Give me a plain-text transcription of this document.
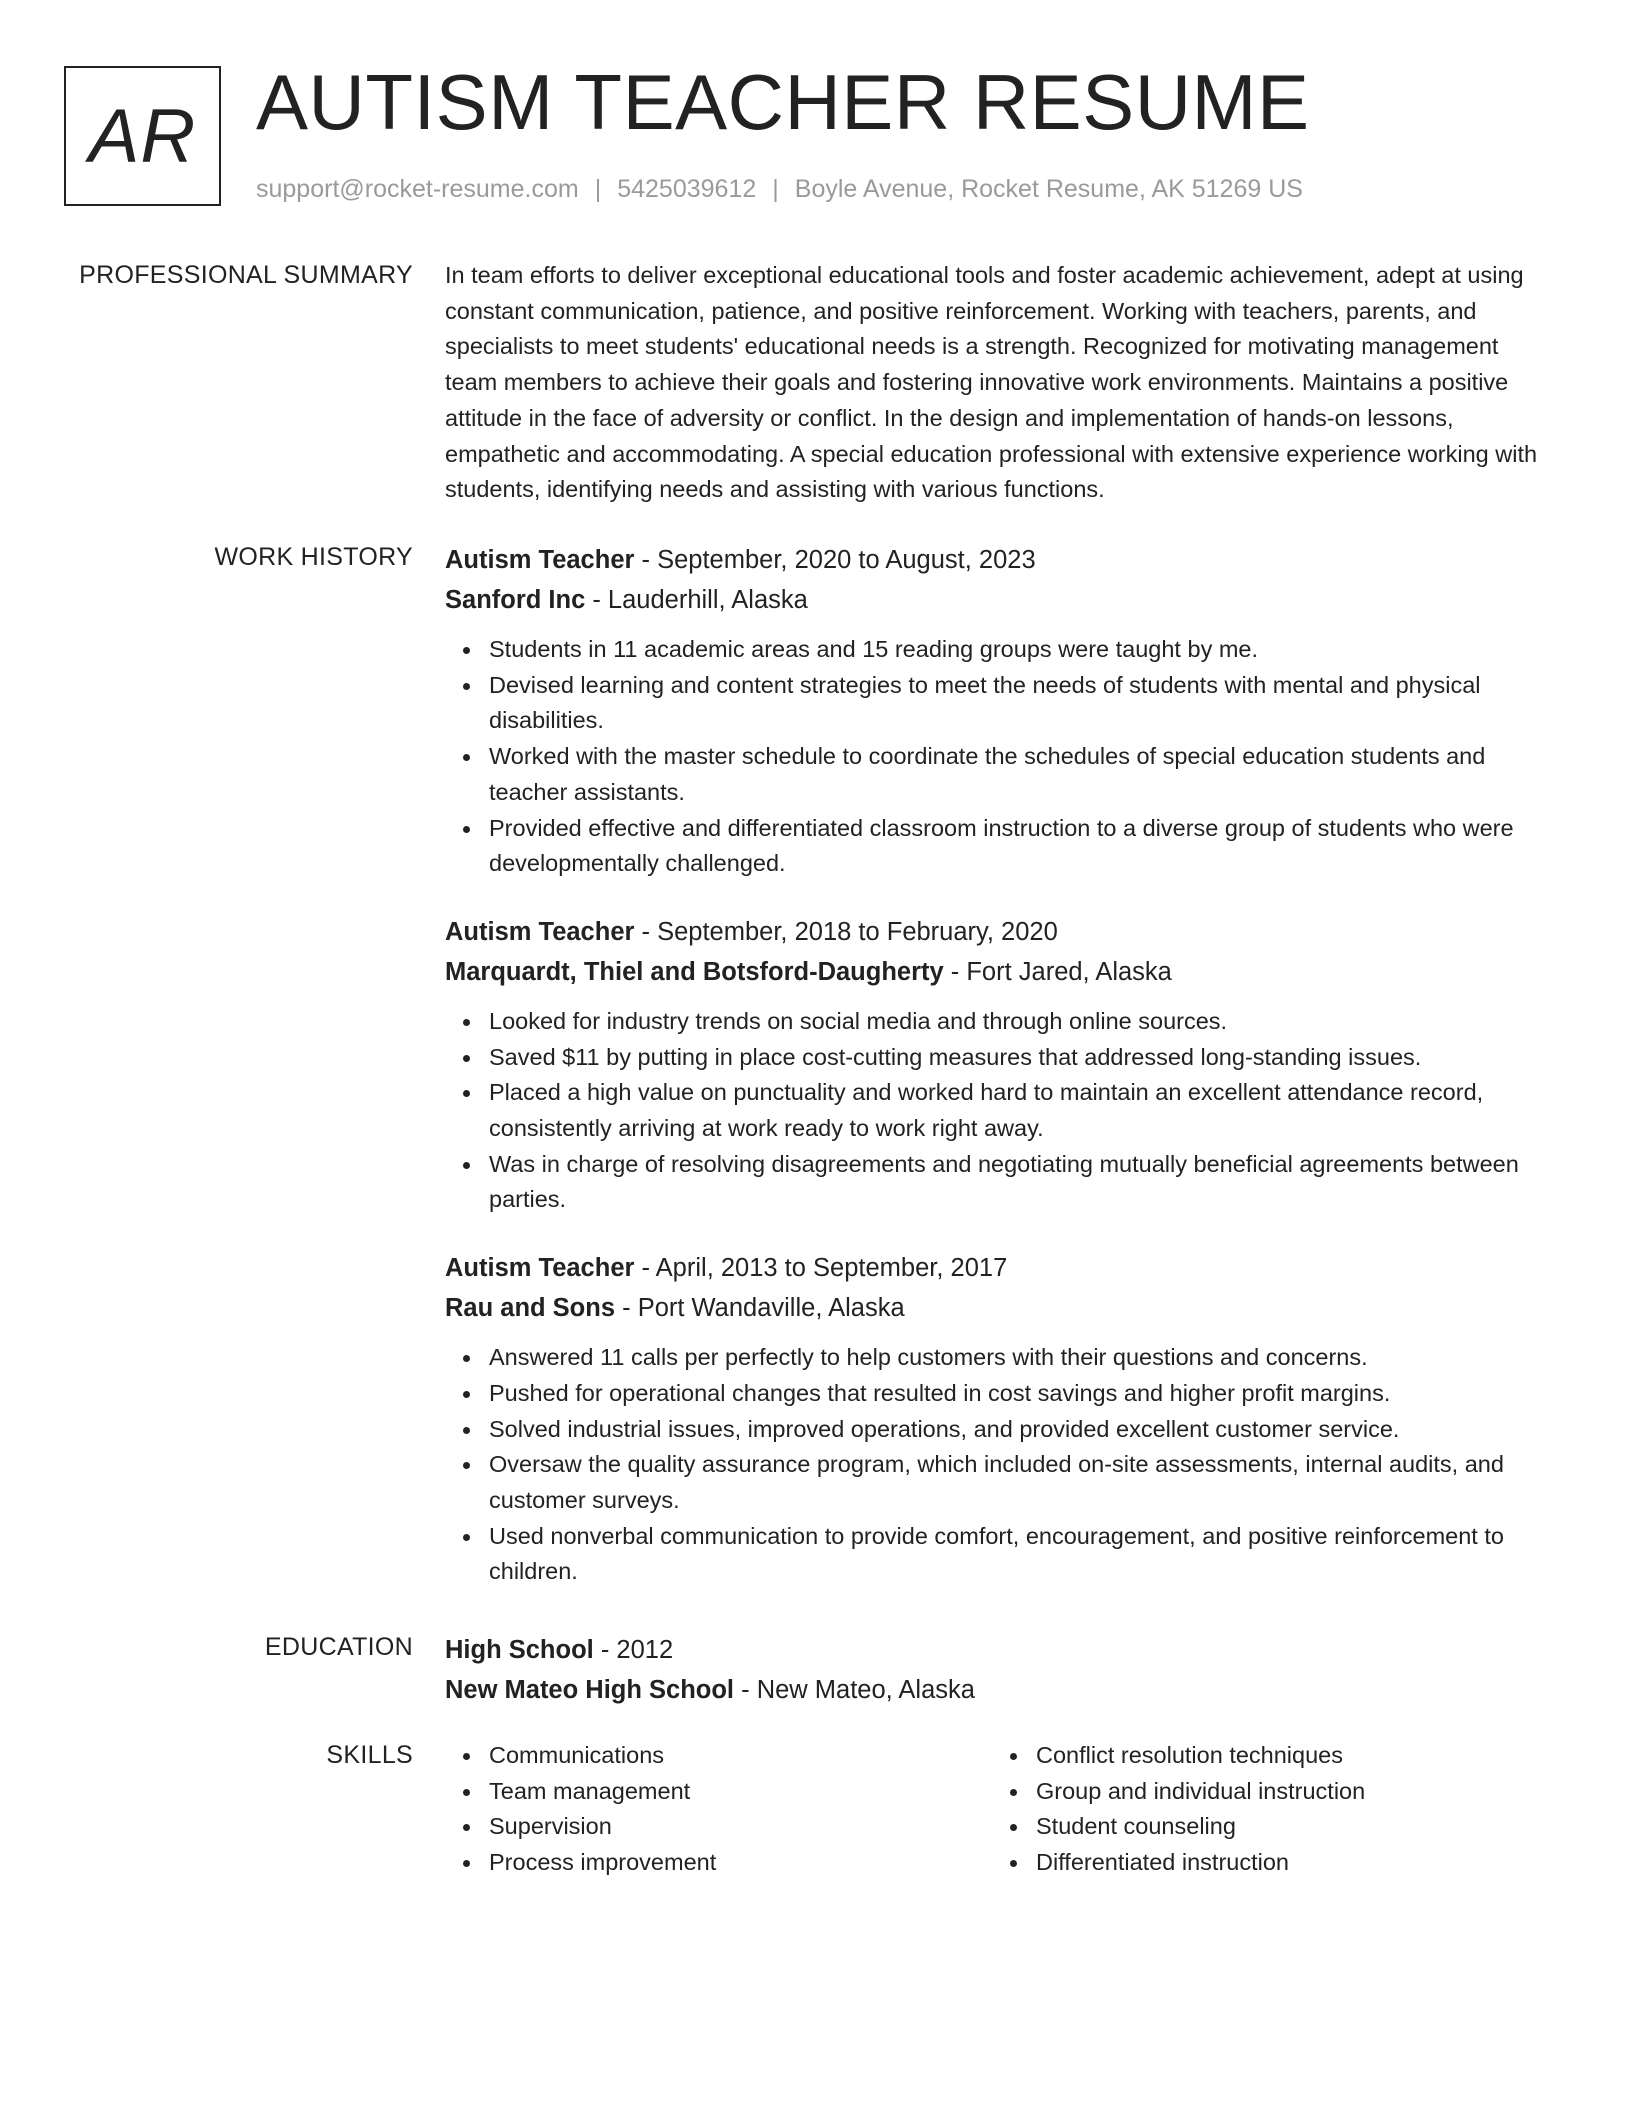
AR AUTISM TEACHER RESUME
support@rocket-resume.com | 5425039612 | Boyle Avenue, Rocket Resume, AK 51269 US
PROFESSIONAL SUMMARY In team efforts to deliver exceptional educational tools and foster academic achievement, adept at using constant communication, patience, and positive reinforcement. Working with teachers, parents, and specialists to meet students' educational needs is a strength. Recognized for motivating management team members to achieve their goals and fostering innovative work environments. Maintains a positive attitude in the face of adversity or conflict. In the design and implementation of hands-on lessons, empathetic and accommodating. A special education professional with extensive experience working with students, identifying needs and assisting with various functions.

WORK HISTORY Autism Teacher - September, 2020 to August, 2023
Sanford Inc - Lauderhill, Alaska
Students in 11 academic areas and 15 reading groups were taught by me.
Devised learning and content strategies to meet the needs of students with mental and physical disabilities.
Worked with the master schedule to coordinate the schedules of special education students and teacher assistants.
Provided effective and differentiated classroom instruction to a diverse group of students who were developmentally challenged.
Autism Teacher - September, 2018 to February, 2020
Marquardt, Thiel and Botsford-Daugherty - Fort Jared, Alaska
Looked for industry trends on social media and through online sources.
Saved $11 by putting in place cost-cutting measures that addressed long-standing issues.
Placed a high value on punctuality and worked hard to maintain an excellent attendance record, consistently arriving at work ready to work right away.
Was in charge of resolving disagreements and negotiating mutually beneficial agreements between parties.
Autism Teacher - April, 2013 to September, 2017
Rau and Sons - Port Wandaville, Alaska
Answered 11 calls per perfectly to help customers with their questions and concerns.
Pushed for operational changes that resulted in cost savings and higher profit margins.
Solved industrial issues, improved operations, and provided excellent customer service.
Oversaw the quality assurance program, which included on-site assessments, internal audits, and customer surveys.
Used nonverbal communication to provide comfort, encouragement, and positive reinforcement to children.
EDUCATION High School - 2012
New Mateo High School - New Mateo, Alaska
SKILLS	Communications
Team management
Supervision
Process improvement
Conflict resolution techniques
Group and individual instruction
Student counseling
Differentiated instruction
